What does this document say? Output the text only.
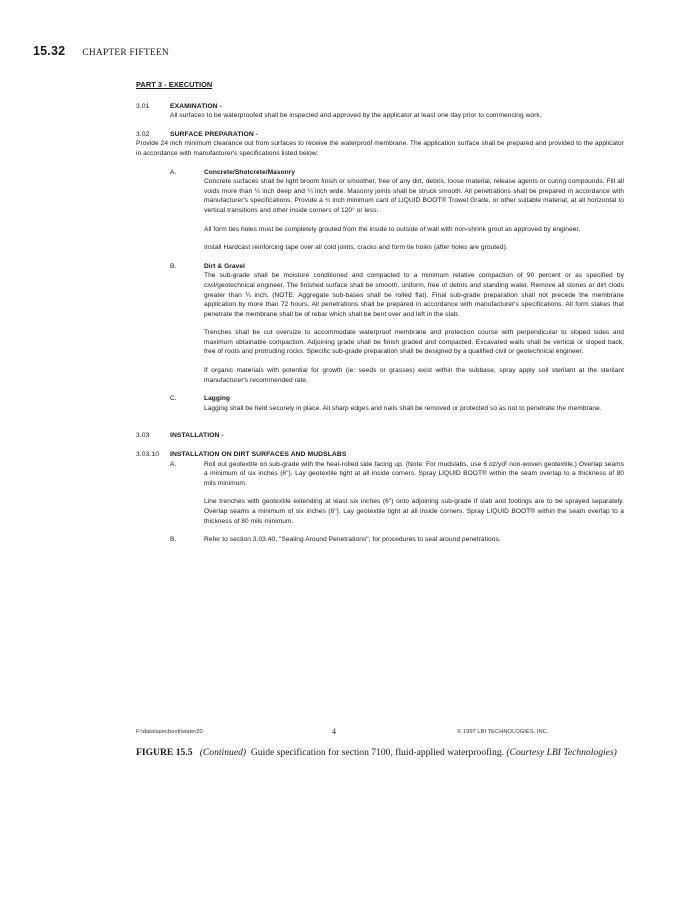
15.32 CHAPTER FIFTEEN
PART 3 - EXECUTION
3.01	EXAMINATION -
All surfaces to be waterproofed shall be inspected and approved by the applicator at least one day prior to commencing work.
3.02	SURFACE PREPARATION -
Provide 24 inch minimum clearance out from surfaces to receive the waterproof membrane. The application surface shall be prepared and provided to the applicator in accordance with manufacturer's specifications listed below:
A.	Concrete/Shotcrete/Masonry
Concrete surfaces shall be light broom finish or smoother, free of any dirt, debris, loose material, release agents or curing compounds. Fill all voids more than ¼ inch deep and ¼ inch wide. Masonry joints shall be struck smooth. All penetrations shall be prepared in accordance with manufacturer's specifications. Provide a ¾ inch minimum cant of LIQUID BOOT® Trowel Grade, or other suitable material, at all horizontal to vertical transitions and other inside corners of 120° or less.
All form ties holes must be completely grouted from the inside to outside of wall with non-shrink grout as approved by engineer.
Install Hardcast reinforcing tape over all cold joints, cracks and form tie holes (after holes are grouted).
B.	Dirt & Gravel
The sub-grade shall be moisture conditioned and compacted to a minimum relative compaction of 90 percent or as specified by civil/geotechnical engineer. The finished surface shall be smooth, uniform, free of debris and standing water. Remove all stones or dirt clods greater than ¼ inch. (NOTE: Aggregate sub-bases shall be rolled flat). Final sub-grade preparation shall not precede the membrane application by more than 72 hours. All penetrations shall be prepared in accordance with manufacturer's specifications. All form stakes that penetrate the membrane shall be of rebar which shall be bent over and left in the slab.
Trenches shall be cut oversize to accommodate waterproof membrane and protection course with perpendicular to sloped sides and maximum obtainable compaction. Adjoining grade shall be finish graded and compacted. Excavated walls shall be vertical or sloped back, free of roots and protruding rocks. Specific sub-grade preparation shall be designed by a qualified civil or geotechnical engineer.
If organic materials with potential for growth (ie: seeds or grasses) exist within the subbase, spray apply soil sterilant at the sterilant manufacturer's recommended rate.
C.	Lagging
Lagging shall be held securely in place. All sharp edges and nails shall be removed or protected so as not to penetrate the membrane.
3.03	INSTALLATION -
3.03.10 INSTALLATION ON DIRT SURFACES AND MUDSLABS
A.	Roll out geotextile on sub-grade with the heat-rolled side facing up. (Note: For mudslabs, use 6 oz/yd² non-woven geotextile.) Overlap seams a minimum of six inches (6"). Lay geotextile tight at all inside corners. Spray LIQUID BOOT® within the seam overlap to a thickness of 80 mils minimum.
Line trenches with geotextile extending at least six inches (6") onto adjoining sub-grade if slab and footings are to be sprayed separately. Overlap seams a minimum of six inches (6"). Lay geotextile tight at all inside corners. Spray LIQUID BOOT® within the seam overlap to a thickness of 80 mils minimum.
B.	Refer to section 3.03.40, "Sealing Around Penetrations", for procedures to seal around penetrations.
F:\data\specbook\water20	4	© 1997 LBI TECHNOLOGIES, INC.
FIGURE 15.5 (Continued) Guide specification for section 7100, fluid-applied waterproofing. (Courtesy LBI Technologies)
